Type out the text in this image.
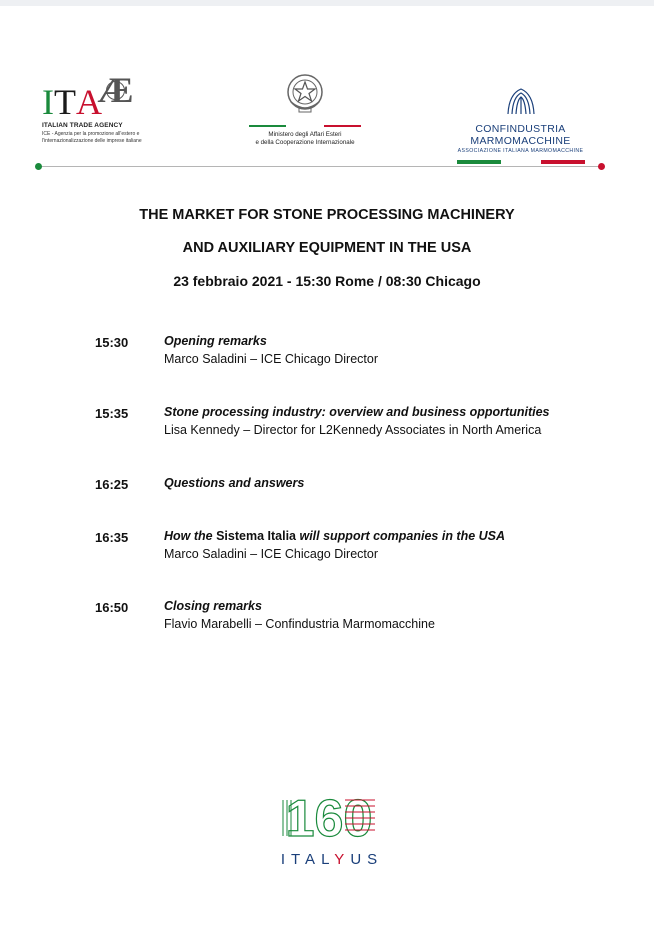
I T A
Æ
ITALIAN TRADE AGENCY
ICE - Agenzia per la promozione all'estero e l'internazionalizzazione delle imprese italiane
Ministero degli Affari Esteri
e della Cooperazione Internazionale
CONFINDUSTRIA MARMOMACCHINE
ASSOCIAZIONE ITALIANA MARMOMACCHINE
THE MARKET FOR STONE PROCESSING MACHINERY
AND AUXILIARY EQUIPMENT IN THE USA
23 febbraio 2021 - 15:30 Rome / 08:30 Chicago
15:30	Opening remarks
Marco Saladini – ICE Chicago Director
15:35	Stone processing industry: overview and business opportunities
Lisa Kennedy – Director for L2Kennedy Associates in North America
16:25	Questions and answers
16:35	How the Sistema Italia will support companies in the USA
Marco Saladini – ICE Chicago Director
16:50	Closing remarks
Flavio Marabelli – Confindustria Marmomacchine
160
ITALYUS
